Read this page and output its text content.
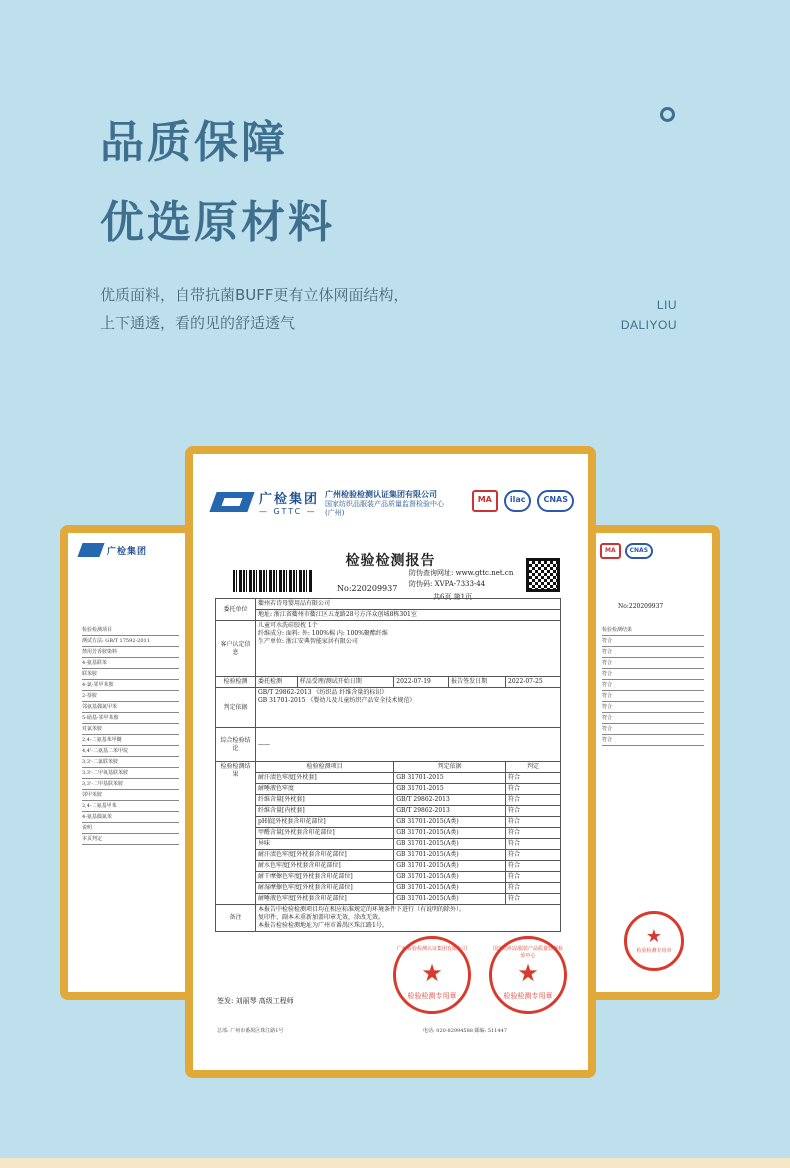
品质保障
优选原材料
优质面料，自带抗菌BUFF更有立体网面结构，
上下通透，看的见的舒适透气
LIU
DALIYOU
广检集团
检验检测项目
测试方法: GB/T 17592-2011
禁用芳香胺染料
4-氨基联苯
联苯胺
4-氯-邻甲苯胺
2-萘胺
邻氨基偶氮甲苯
5-硝基-邻甲苯胺
对氯苯胺
2,4-二氨基苯甲醚
4,4'-二氨基二苯甲烷
3,3'-二氯联苯胺
3,3'-二甲氧基联苯胺
3,3'-二甲基联苯胺
邻甲苯胺
2,4-二氨基甲苯
4-氨基偶氮苯
说明
本页判定
MA	CNAS
No:220209937
检验检测结果
符合
符合
符合
符合
符合
符合
符合
符合
符合
符合
★
检验检测专用章
广检集团
— GTTC —
广州检验检测认证集团有限公司
国家纺织品服装产品质量监督检验中心(广州)
MA	ilac	CNAS
检验检测报告
No:220209937
防伪查询网址: www.gttc.net.cn
防伪码: XVPA-7333-44
共6页 第1页
委托单位	衢州若诗母婴用品有限公司				
	地址: 浙江省衢州市衢江区五龙路28号方洋众创城8栋301室				
客户认定信息	儿童可水洗硅胶枕 1个
纤维成分: 面料: 外: 100%棉 内: 100%聚酯纤维
生产单位: 浙江安典智能家居有限公司				

检验检测	委托检测	样品受理/测试开始日期	2022-07-19	报告签发日期	2022-07-25
判定依据	GB/T 29862-2013 《纺织品 纤维含量的标识》
GB 31701-2015 《婴幼儿及儿童纺织产品安全技术规范》				

综合检验结论	——				
检验检测结果	检验检测项目		判定依据		判定
	耐汗渍色牢度[外枕套]		GB 31701-2015		符合
	耐唾液色牢度		GB 31701-2015		符合
	纤维含量[外枕套]		GB/T 29862-2013		符合
	纤维含量[内枕套]		GB/T 29862-2013		符合
	pH值[外枕套含印花部位]		GB 31701-2015(A类)		符合
	甲醛含量[外枕套含印花部位]		GB 31701-2015(A类)		符合
	异味		GB 31701-2015(A类)		符合
	耐汗渍色牢度[外枕套含印花部位]		GB 31701-2015(A类)		符合
	耐水色牢度[外枕套含印花部位]		GB 31701-2015(A类)		符合
	耐干摩擦色牢度[外枕套含印花部位]		GB 31701-2015(A类)		符合
	耐湿摩擦色牢度[外枕套含印花部位]		GB 31701-2015(A类)		符合
	耐唾液色牢度[外枕套含印花部位]		GB 31701-2015(A类)		符合
备注	本报告中检验检测项目均在相应标准规定的环境条件下进行（有说明的除外）。
复印件、副本未重新加盖印章无效，涂改无效。
本报告检验检测地址为广州市番禺区珠江路1号。				
广州检验检测认证集团有限公司
★
检验检测专用章
国家纺织品服装产品质量监督检验中心
★
检验检测专用章
签发: 刘丽琴 高级工程师
总部: 广州市番禺区珠江路1号	电话: 020-82994588 邮编: 511447
